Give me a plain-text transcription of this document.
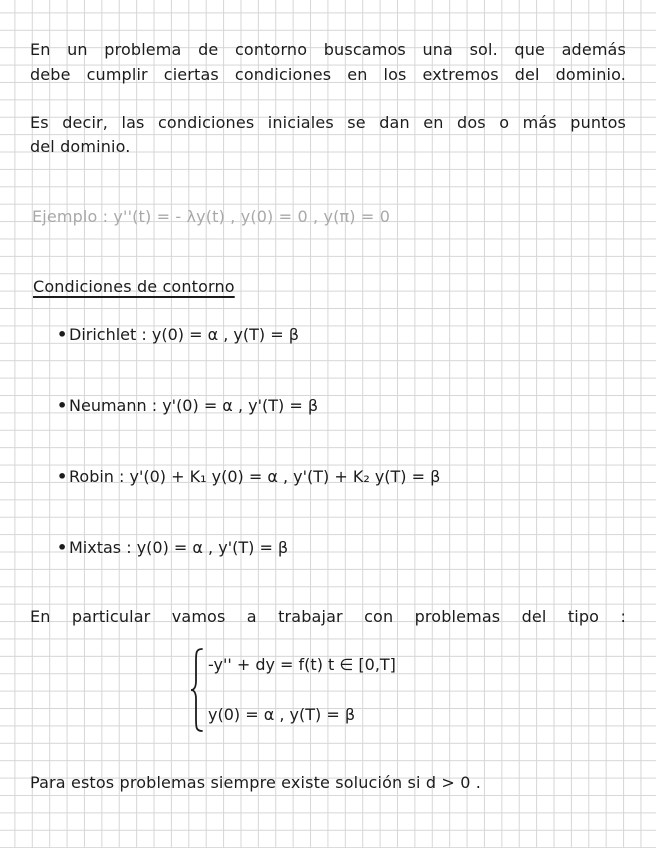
En un problema de contorno buscamos una sol. que además
debe cumplir ciertas condiciones en los extremos del dominio.
Es decir, las condiciones iniciales se dan en dos o más puntos
del dominio.
Ejemplo : y''(t) = - λy(t) , y(0) = 0 , y(π) = 0
Condiciones de contorno
• Dirichlet : y(0) = α , y(T) = β
• Neumann : y'(0) = α , y'(T) = β
• Robin : y'(0) + K₁ y(0) = α , y'(T) + K₂ y(T) = β
• Mixtas : y(0) = α , y'(T) = β
En particular vamos a trabajar con problemas del tipo :
-y'' + dy = f(t) t ∈ [0,T]
y(0) = α , y(T) = β
Para estos problemas siempre existe solución si d > 0 .
